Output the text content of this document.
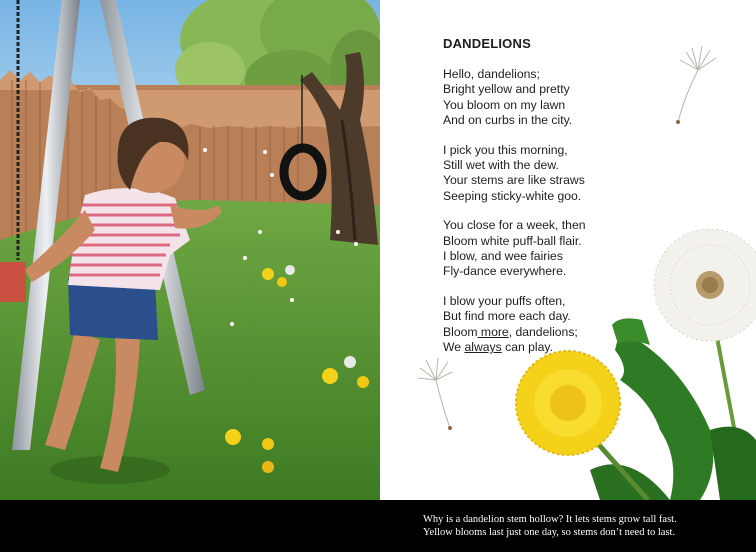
DANDELIONS
Hello, dandelions;
Bright yellow and pretty
You bloom on my lawn
And on curbs in the city.
I pick you this morning,
Still wet with the dew.
Your stems are like straws
Seeping sticky-white goo.
You close for a week, then
Bloom white puff-ball flair.
I blow, and wee fairies
Fly-dance everywhere.
I blow your puffs often,
But find more each day.
Bloom more, dandelions;
We always can play.
Why is a dandelion stem hollow? It lets stems grow tall fast.
Yellow blooms last just one day, so stems don’t need to last.
